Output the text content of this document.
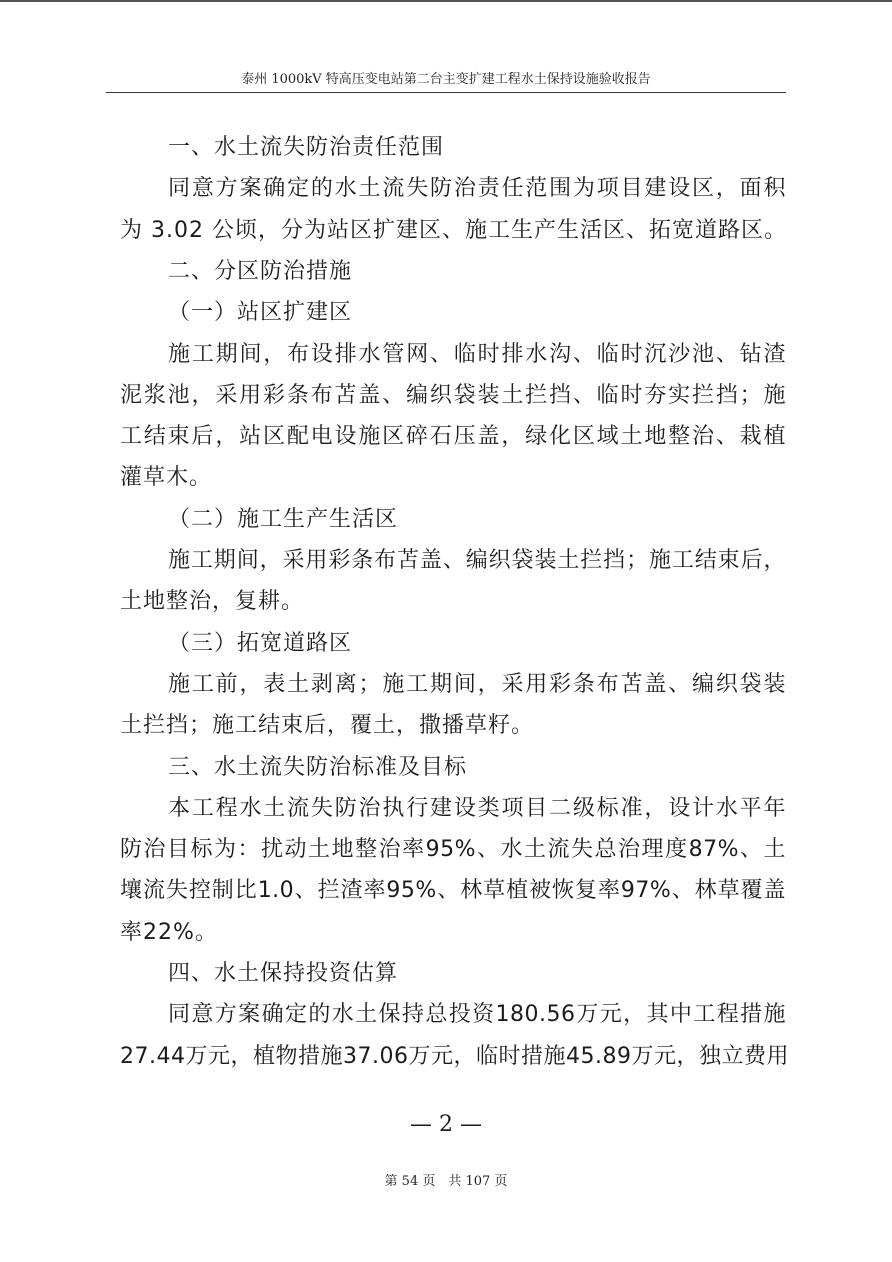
泰州 1000kV 特高压变电站第二台主变扩建工程水土保持设施验收报告
一、水土流失防治责任范围
同意方案确定的水土流失防治责任范围为项目建设区，面积
为 3.02 公顷，分为站区扩建区、施工生产生活区、拓宽道路区。
二、分区防治措施
（一）站区扩建区
施工期间，布设排水管网、临时排水沟、临时沉沙池、钻渣
泥浆池，采用彩条布苫盖、编织袋装土拦挡、临时夯实拦挡；施
工结束后，站区配电设施区碎石压盖，绿化区域土地整治、栽植
灌草木。
（二）施工生产生活区
施工期间，采用彩条布苫盖、编织袋装土拦挡；施工结束后，
土地整治，复耕。
（三）拓宽道路区
施工前，表土剥离；施工期间，采用彩条布苫盖、编织袋装
土拦挡；施工结束后，覆土，撒播草籽。
三、水土流失防治标准及目标
本工程水土流失防治执行建设类项目二级标准，设计水平年
防治目标为：扰动土地整治率95%、水土流失总治理度87%、土
壤流失控制比1.0、拦渣率95%、林草植被恢复率97%、林草覆盖
率22%。
四、水土保持投资估算
同意方案确定的水土保持总投资180.56万元，其中工程措施
27.44万元，植物措施37.06万元，临时措施45.89万元，独立费用
— 2 —
第 54 页　共 107 页
